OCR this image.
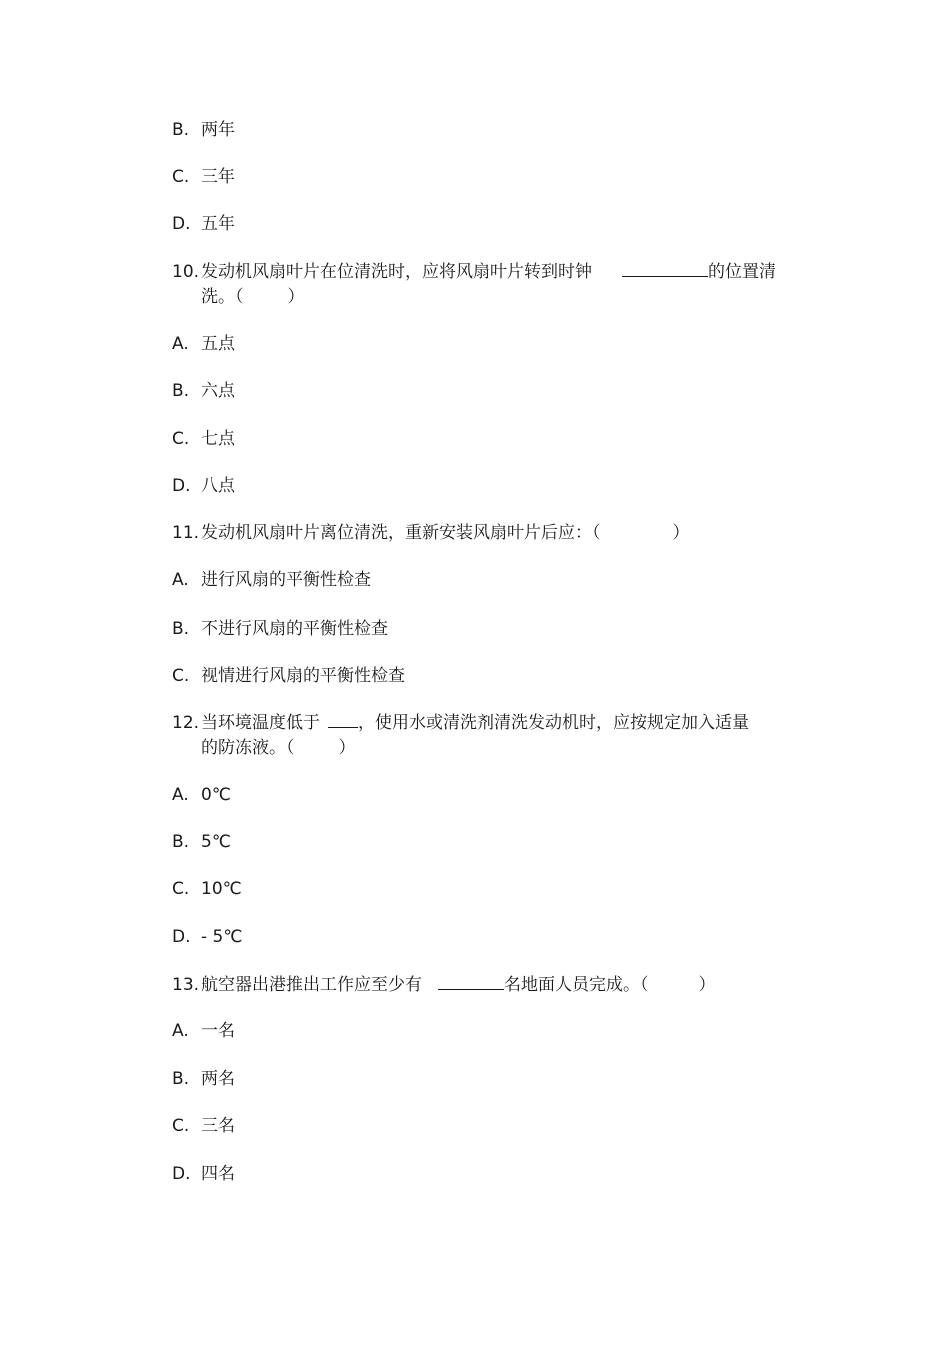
B. 两年
C. 三年
D. 五年
10. 发动机风扇叶片在位清洗时，应将风扇叶片转到时钟	的位置清
洗。（	）
A. 五点
B. 六点
C. 七点
D. 八点
11. 发动机风扇叶片离位清洗，重新安装风扇叶片后应：（	）
A. 进行风扇的平衡性检查
B. 不进行风扇的平衡性检查
C. 视情进行风扇的平衡性检查
12. 当环境温度低于 ，使用水或清洗剂清洗发动机时，应按规定加入适量
的防冻液。（	）
A. 0℃
B. 5℃
C. 10℃
D. - 5℃
13. 航空器出港推出工作应至少有	名地面人员完成。（	）
A. 一名
B. 两名
C. 三名
D. 四名
